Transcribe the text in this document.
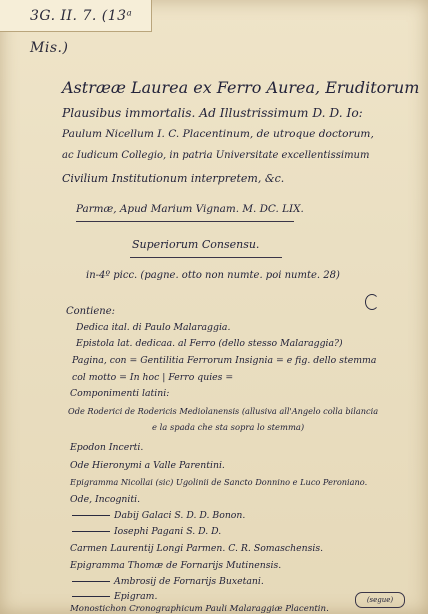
3G. II. 7. (13ᵃ Mis.)
Astrææ Laurea ex Ferro Aurea, Eruditorum
Plausibus immortalis. Ad Illustrissimum D. D. Io:
Paulum Nicellum I. C. Placentinum, de utroque doctorum,
ac Iudicum Collegio, in patria Universitate excellentissimum
Civilium Institutionum interpretem, &c.
Parmæ, Apud Marium Vignam. M. DC. LIX.
Superiorum Consensu.
in-4º picc. (pagne. otto non numte. poi numte. 28)
Contiene:
Dedica ital. di Paulo Malaraggia.
Epistola lat. dedicaa. al Ferro (dello stesso Malaraggia?)
Pagina, con = Gentilitia Ferrorum Insignia = e fig. dello stemma
col motto = In hoc | Ferro quies =
Componimenti latini:
Ode Roderici de Rodericis Mediolanensis (allusiva all'Angelo colla bilancia
e la spada che sta sopra lo stemma)
Epodon Incerti.
Ode Hieronymi a Valle Parentini.
Epigramma Nicollai (sic) Ugolinii de Sancto Donnino e Luco Peroniano.
Ode, Incogniti.
Dabij Galaci S. D. D. Bonon.
Iosephi Pagani S. D. D.
Carmen Laurentij Longi Parmen. C. R. Somaschensis.
Epigramma Thomæ de Fornarijs Mutinensis.
Ambrosij de Fornarijs Buxetani.
Epigram.
Monostichon Cronographicum Pauli Malaraggiæ Placentin.
(segue)
